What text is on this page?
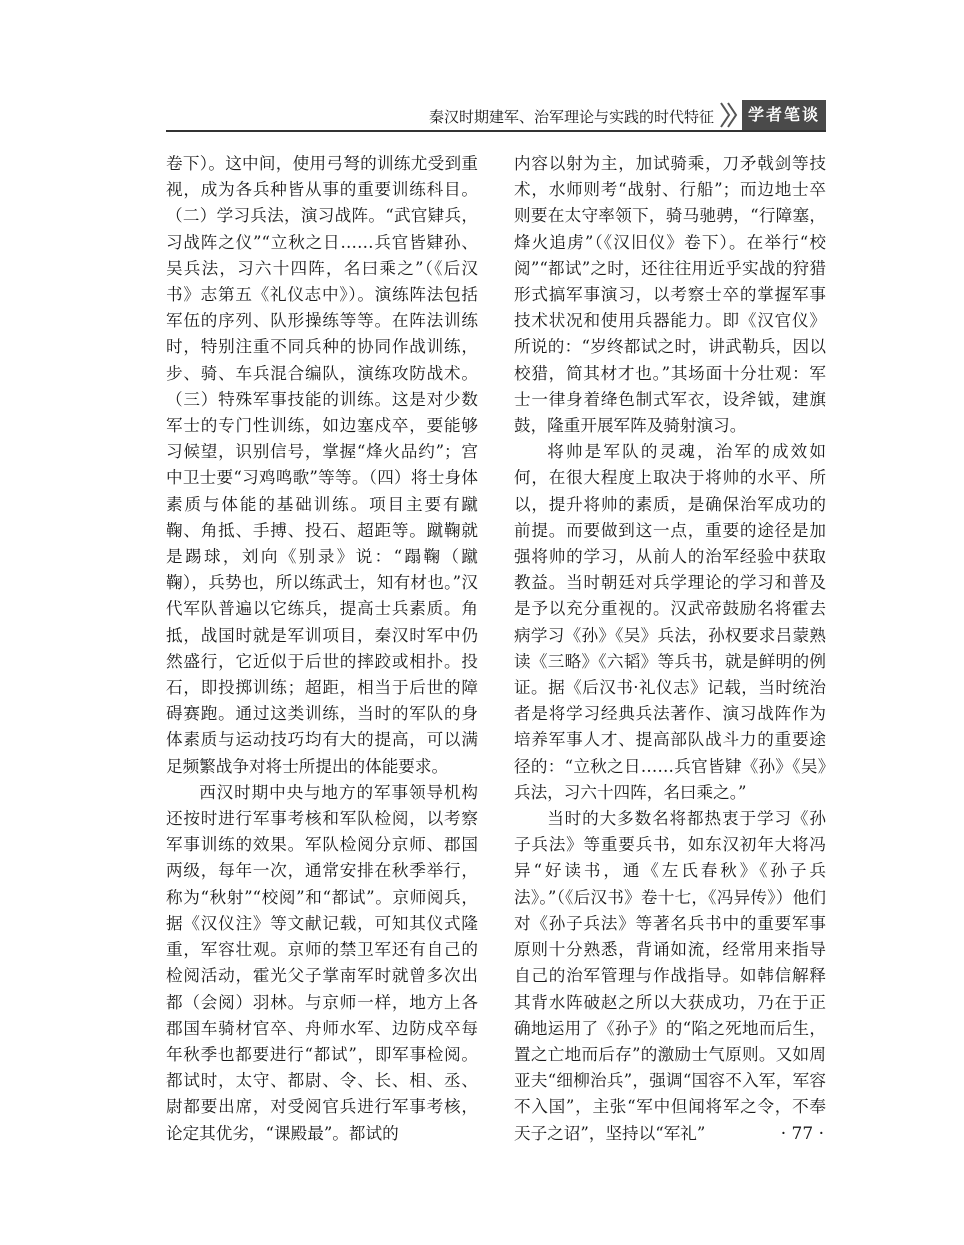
秦汉时期建军、治军理论与实践的时代特征	学者笔谈

卷下）。这中间，使用弓弩的训练尤受到重视，成为各兵种皆从事的重要训练科目。（二）学习兵法，演习战阵。“武官肄兵，习战阵之仪”“立秋之日……兵官皆肄孙、吴兵法，习六十四阵，名曰乘之”（《后汉书》志第五《礼仪志中》）。演练阵法包括军伍的序列、队形操练等等。在阵法训练时，特别注重不同兵种的协同作战训练，步、骑、车兵混合编队，演练攻防战术。（三）特殊军事技能的训练。这是对少数军士的专门性训练，如边塞戍卒，要能够习候望，识别信号，掌握“烽火品约”；宫中卫士要“习鸡鸣歌”等等。（四）将士身体素质与体能的基础训练。项目主要有蹴鞠、角抵、手搏、投石、超距等。蹴鞠就是踢球，刘向《别录》说：“蹋鞠（蹴鞠），兵势也，所以练武士，知有材也。”汉代军队普遍以它练兵，提高士兵素质。角抵，战国时就是军训项目，秦汉时军中仍然盛行，它近似于后世的摔跤或相扑。投石，即投掷训练；超距，相当于后世的障碍赛跑。通过这类训练，当时的军队的身体素质与运动技巧均有大的提高，可以满足频繁战争对将士所提出的体能要求。

西汉时期中央与地方的军事领导机构还按时进行军事考核和军队检阅，以考察军事训练的效果。军队检阅分京师、郡国两级，每年一次，通常安排在秋季举行，称为“秋射”“校阅”和“都试”。京师阅兵，据《汉仪注》等文献记载，可知其仪式隆重，军容壮观。京师的禁卫军还有自己的检阅活动，霍光父子掌南军时就曾多次出都（会阅）羽林。与京师一样，地方上各郡国车骑材官卒、舟师水军、边防戍卒每年秋季也都要进行“都试”，即军事检阅。都试时，太守、都尉、令、长、相、丞、尉都要出席，对受阅官兵进行军事考核，论定其优劣，“课殿最”。都试的

内容以射为主，加试骑乘，刀矛戟剑等技术，水师则考“战射、行船”；而边地士卒则要在太守率领下，骑马驰骋，“行障塞，烽火追虏”（《汉旧仪》卷下）。在举行“校阅”“都试”之时，还往往用近乎实战的狩猎形式搞军事演习，以考察士卒的掌握军事技术状况和使用兵器能力。即《汉官仪》所说的：“岁终都试之时，讲武勒兵，因以校猎，简其材才也。”其场面十分壮观：军士一律身着绛色制式军衣，设斧钺，建旗鼓，隆重开展军阵及骑射演习。

将帅是军队的灵魂，治军的成效如何，在很大程度上取决于将帅的水平、所以，提升将帅的素质，是确保治军成功的前提。而要做到这一点，重要的途径是加强将帅的学习，从前人的治军经验中获取教益。当时朝廷对兵学理论的学习和普及是予以充分重视的。汉武帝鼓励名将霍去病学习《孙》《吴》兵法，孙权要求吕蒙熟读《三略》《六韬》等兵书，就是鲜明的例证。据《后汉书·礼仪志》记载，当时统治者是将学习经典兵法著作、演习战阵作为培养军事人才、提高部队战斗力的重要途径的：“立秋之日……兵官皆肄《孙》《吴》兵法，习六十四阵，名曰乘之。”

当时的大多数名将都热衷于学习《孙子兵法》等重要兵书，如东汉初年大将冯异“好读书，通《左氏春秋》《孙子兵法》。”（《后汉书》卷十七，《冯异传》）他们对《孙子兵法》等著名兵书中的重要军事原则十分熟悉，背诵如流，经常用来指导自己的治军管理与作战指导。如韩信解释其背水阵破赵之所以大获成功，乃在于正确地运用了《孙子》的“陷之死地而后生，置之亡地而后存”的激励士气原则。又如周亚夫“细柳治兵”，强调“国容不入军，军容不入国”，主张“军中但闻将军之令，不奉天子之诏”，坚持以“军礼”	· 77 ·
